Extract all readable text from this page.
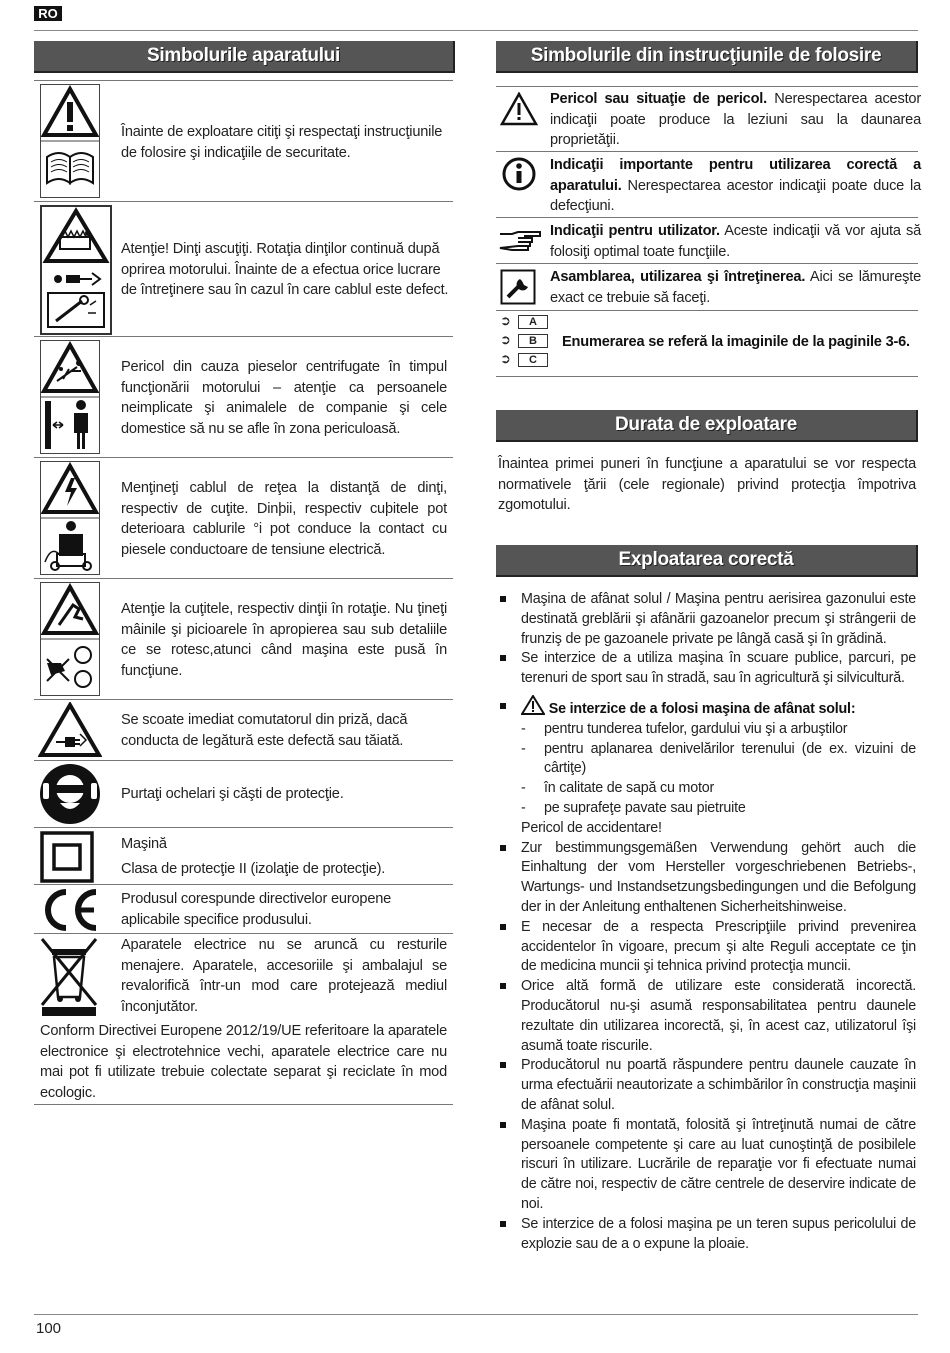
RO
Simbolurile aparatului
Înainte de exploatare citiţi şi respectaţi instrucţiunile de folosire şi indicaţiile de securitate.
Atenţie! Dinţi ascuţiţi. Rotaţia dinţilor continuă după oprirea motorului. Înainte de a efectua orice lucrare de întreţinere sau în cazul în care cablul este defect.
Pericol din cauza pieselor centrifugate în timpul funcţionării motorului – atenţie ca persoanele neimplicate şi animalele de companie şi cele domestice să nu se afle în zona periculoasă.
Menţineţi cablul de reţea la distanţă de dinţi, respectiv de cuţite. Dinþii, respectiv cuþitele pot deterioara cablurile °i pot conduce la contact cu piesele conductoare de tensiune electrică.
Atenţie la cuţitele, respectiv dinţii în rotaţie. Nu ţineţi mâinile şi picioarele în apropierea sau sub detaliile ce se rotesc,atunci când maşina este pusă în funcţiune.
Se scoate imediat comutatorul din priză, dacă conducta de legătură este defectă sau tăiată.
Purtaţi ochelari şi căşti de protecţie.
Maşină
Clasa de protecţie II (izolaţie de protecţie).
Produsul corespunde directivelor europene aplicabile specifice produsului.
Aparatele electrice nu se aruncă cu resturile menajere. Aparatele, accesoriile şi ambalajul se revalorifică într-un mod care protejează mediul înconjutător.
Conform Directivei Europene 2012/19/UE referitoare la aparatele electronice şi electrotehnice vechi, aparatele electrice care nu mai pot fi utilizate trebuie colectate separat şi reciclate în mod ecologic.
Simbolurile din instrucţiunile de folosire
Pericol sau situaţie de pericol. Nerespectarea acestor indicaţii poate produce la leziuni sau la daunarea proprietăţii.
Indicaţii importante pentru utilizarea corectă a aparatului. Nerespectarea acestor indicaţii poate duce la defecţiuni.
Indicaţii pentru utilizator. Aceste indicaţii vă vor ajuta să folosiţi optimal toate funcţiile.
Asamblarea, utilizarea şi întreţinerea. Aici se lămureşte exact ce trebuie să faceţi.
➲ A
➲ B
➲ C
Enumerarea se referă la imaginile de la paginile 3-6.
Durata de exploatare
Înaintea primei puneri în funcţiune a aparatului se vor respecta normativele ţării (cele regionale) privind protecţia împotriva zgomotului.
Exploatarea corectă
Maşina de afânat solul / Maşina pentru aerisirea gazonului este destinată greblării şi afânării gazoanelor precum şi strângerii de frunziş de pe gazoanele private pe lângă casă şi în grădină.
Se interzice de a utiliza maşina în scuare publice, parcuri, pe terenuri de sport sau în stradă, sau în agricultură şi silvicultură.
Se interzice de a folosi maşina de afânat solul:
- pentru tunderea tufelor, gardului viu şi a arbuştilor
- pentru aplanarea denivelărilor terenului (de ex. vizuini de cârtiţe)
- în calitate de sapă cu motor
- pe suprafeţe pavate sau pietruite
Pericol de accidentare!
Zur bestimmungsgemäßen Verwendung gehört auch die Einhaltung der vom Hersteller vorgeschriebenen Betriebs-, Wartungs- und Instandsetzungsbedingungen und die Befolgung der in der Anleitung enthaltenen Sicherheitshinweise.
E necesar de a respecta Prescripţiile privind prevenirea accidentelor în vigoare, precum şi alte Reguli acceptate ce ţin de medicina muncii şi tehnica privind protecţia muncii.
Orice altă formă de utilizare este considerată incorectă. Producătorul nu-şi asumă responsabilitatea pentru daunele rezultate din utilizarea incorectă, şi, în acest caz, utilizatorul îşi asumă toate riscurile.
Producătorul nu poartă răspundere pentru daunele cauzate în urma efectuării neautorizate a schimbărilor în construcţia maşinii de afânat solul.
Maşina poate fi montată, folosită şi întreţinută numai de către persoanele competente şi care au luat cunoştinţă de posibilele riscuri în utilizare. Lucrările de reparaţie vor fi efectuate numai de către noi, respectiv de către centrele de deservire indicate de noi.
Se interzice de a folosi maşina pe un teren supus pericolului de explozie sau de a o expune la ploaie.
100
